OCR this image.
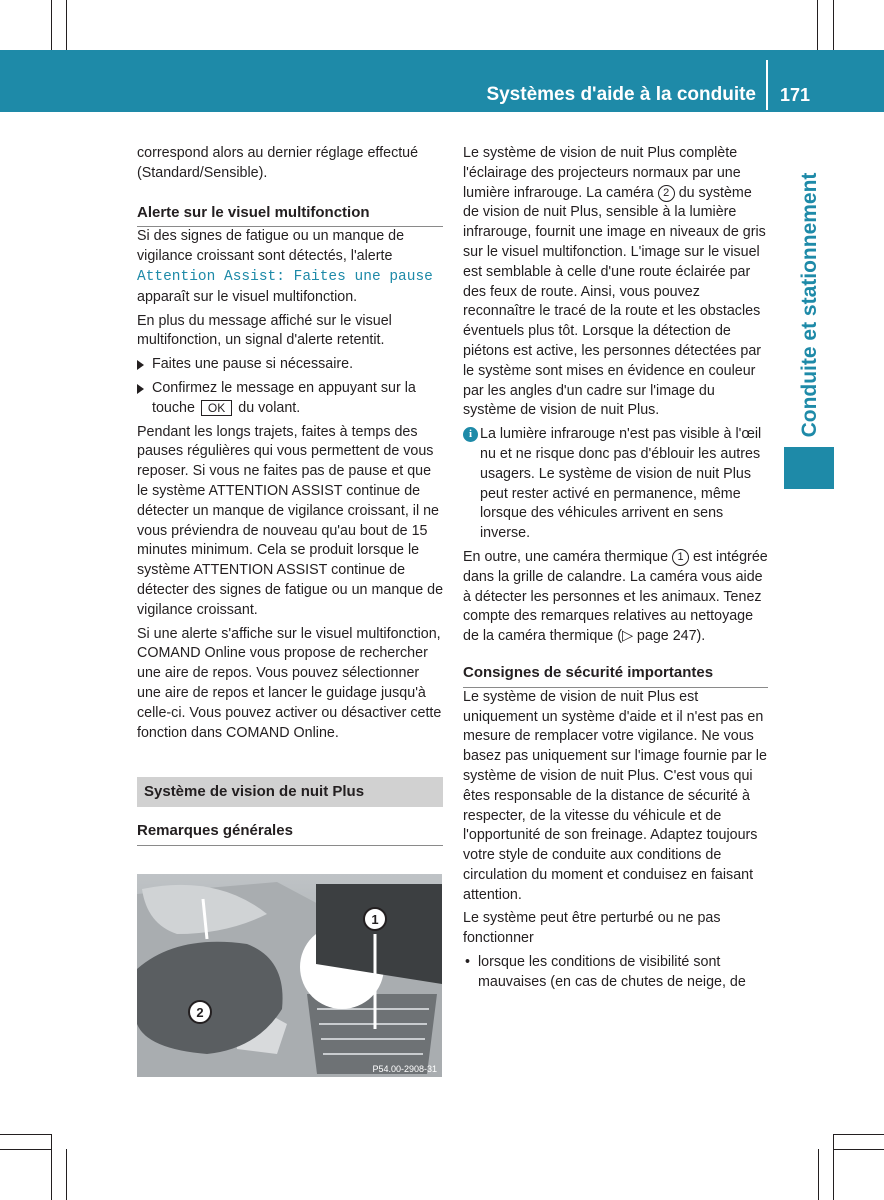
Systèmes d'aide à la conduite 171
Conduite et stationnement

correspond alors au dernier réglage effectué (Standard/Sensible).

Alerte sur le visuel multifonction

Si des signes de fatigue ou un manque de vigilance croissant sont détectés, l'alerte Attention Assist: Faites une pause apparaît sur le visuel multifonction.

En plus du message affiché sur le visuel multifonction, un signal d'alerte retentit.

Faites une pause si nécessaire.
Confirmez le message en appuyant sur la touche OK du volant.

Pendant les longs trajets, faites à temps des pauses régulières qui vous permettent de vous reposer. Si vous ne faites pas de pause et que le système ATTENTION ASSIST continue de détecter un manque de vigilance croissant, il ne vous préviendra de nouveau qu'au bout de 15 minutes minimum. Cela se produit lorsque le système ATTENTION ASSIST continue de détecter des signes de fatigue ou un manque de vigilance croissant.

Si une alerte s'affiche sur le visuel multifonction, COMAND Online vous propose de rechercher une aire de repos. Vous pouvez sélectionner une aire de repos et lancer le guidage jusqu'à celle-ci. Vous pouvez activer ou désactiver cette fonction dans COMAND Online.

Système de vision de nuit Plus
Remarques générales
1
2
P54.00-2908-31

Le système de vision de nuit Plus complète l'éclairage des projecteurs normaux par une lumière infrarouge. La caméra 2 du système de vision de nuit Plus, sensible à la lumière infrarouge, fournit une image en niveaux de gris sur le visuel multifonction. L'image sur le visuel est semblable à celle d'une route éclairée par des feux de route. Ainsi, vous pouvez reconnaître le tracé de la route et les obstacles éventuels plus tôt. Lorsque la détection de piétons est active, les personnes détectées par le système sont mises en évidence en couleur par les angles d'un cadre sur l'image du système de vision de nuit Plus.

i La lumière infrarouge n'est pas visible à l'œil nu et ne risque donc pas d'éblouir les autres usagers. Le système de vision de nuit Plus peut rester activé en permanence, même lorsque des véhicules arrivent en sens inverse.

En outre, une caméra thermique 1 est intégrée dans la grille de calandre. La caméra vous aide à détecter les personnes et les animaux. Tenez compte des remarques relatives au nettoyage de la caméra thermique (▷ page 247).

Consignes de sécurité importantes

Le système de vision de nuit Plus est uniquement un système d'aide et il n'est pas en mesure de remplacer votre vigilance. Ne vous basez pas uniquement sur l'image fournie par le système de vision de nuit Plus. C'est vous qui êtes responsable de la distance de sécurité à respecter, de la vitesse du véhicule et de l'opportunité de son freinage. Adaptez toujours votre style de conduite aux conditions de circulation du moment et conduisez en faisant attention.

Le système peut être perturbé ou ne pas fonctionner

• lorsque les conditions de visibilité sont mauvaises (en cas de chutes de neige, de
